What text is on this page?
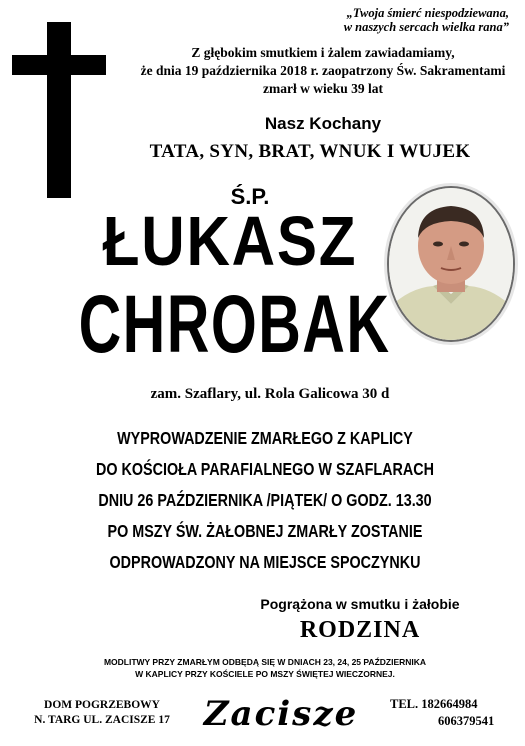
„Twoja śmierć niespodziewana,
w naszych sercach wielka rana”
Z głębokim smutkiem i żalem zawiadamiamy,
że dnia 19 października 2018 r. zaopatrzony Św. Sakramentami
zmarł w wieku 39 lat
Nasz Kochany
TATA, SYN, BRAT, WNUK I WUJEK
Ś.P.
ŁUKASZ
CHROBAK
zam. Szaflary, ul. Rola Galicowa 30 d
WYPROWADZENIE ZMARŁEGO Z KAPLICY
DO KOŚCIOŁA PARAFIALNEGO W SZAFLARACH
DNIU 26 PAŹDZIERNIKA /PIĄTEK/ O GODZ. 13.30
PO MSZY ŚW. ŻAŁOBNEJ ZMARŁY ZOSTANIE
ODPROWADZONY NA MIEJSCE SPOCZYNKU
Pogrążona w smutku i żałobie
RODZINA
MODLITWY PRZY ZMARŁYM ODBĘDĄ SIĘ W DNIACH 23, 24, 25 PAŹDZIERNIKA
W KAPLICY PRZY KOŚCIELE PO MSZY ŚWIĘTEJ WIECZORNEJ.
DOM POGRZEBOWY
N. TARG UL. ZACISZE 17 Zacisze	TEL. 182664984
606379541
